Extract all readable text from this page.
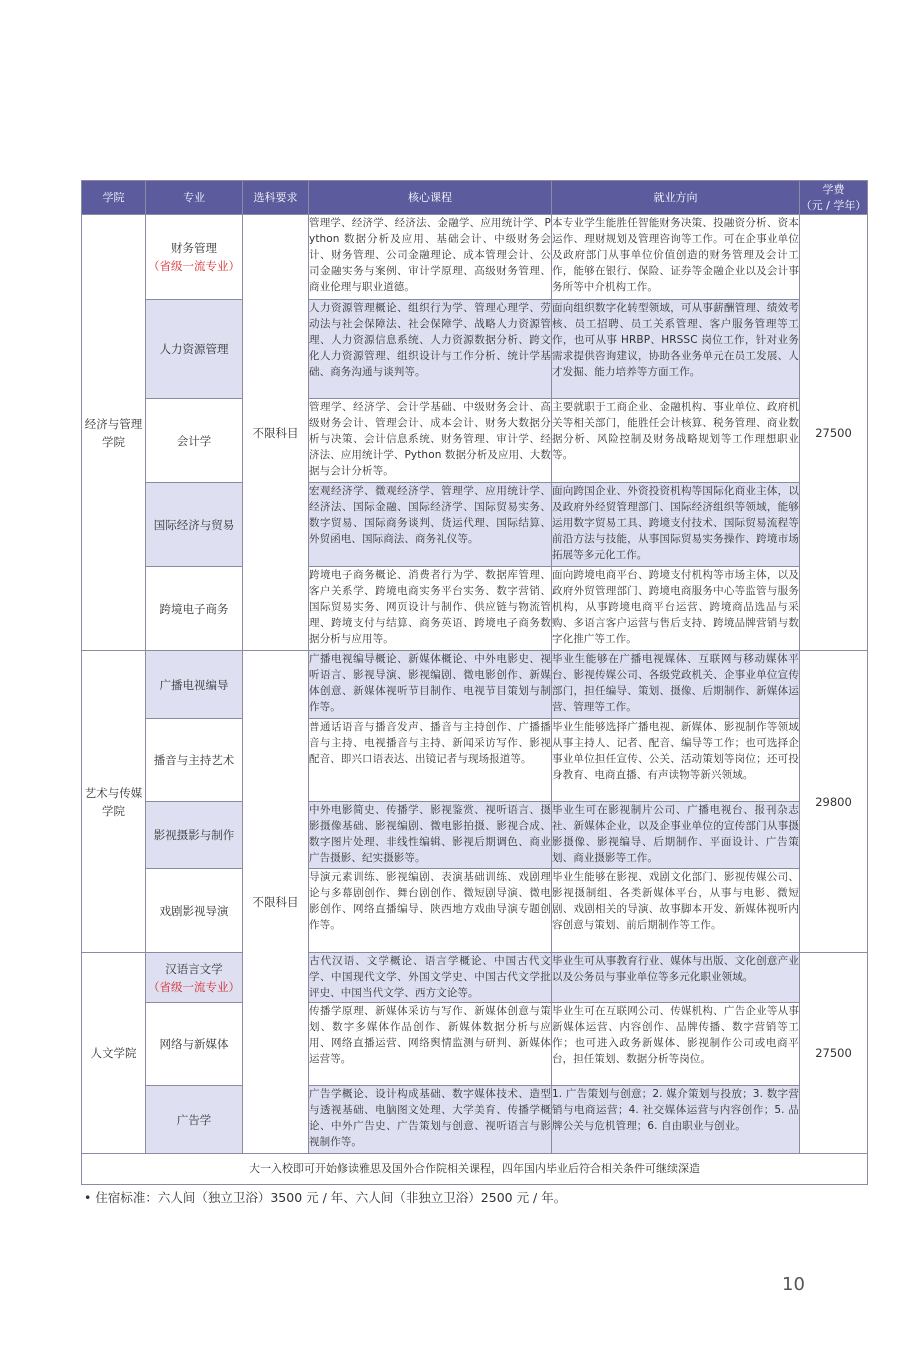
学院	专业	选科要求	核心课程	就业方向	学费
（元 / 学年）
经济与管理学院	财务管理
（省级一流专业）	不限科目	管理学、经济学、经济法、金融学、应用统计学、Python 数据分析及应用、基础会计、中级财务会计、财务管理、公司金融理论、成本管理会计、公司金融实务与案例、审计学原理、高级财务管理、商业伦理与职业道德。	本专业学生能胜任智能财务决策、投融资分析、资本运作、理财规划及管理咨询等工作。可在企事业单位及政府部门从事单位价值创造的财务管理及会计工作，能够在银行、保险、证券等金融企业以及会计事务所等中介机构工作。	27500
	人力资源管理		人力资源管理概论、组织行为学、管理心理学、劳动法与社会保障法、社会保障学、战略人力资源管理、人力资源信息系统、人力资源数据分析、跨文化人力资源管理、组织设计与工作分析、统计学基础、商务沟通与谈判等。	面向组织数字化转型领域，可从事薪酬管理、绩效考核、员工招聘、员工关系管理、客户服务管理等工作，也可从事 HRBP、HRSSC 岗位工作，针对业务需求提供咨询建议，协助各业务单元在员工发展、人才发掘、能力培养等方面工作。	
	会计学		管理学、经济学、会计学基础、中级财务会计、高级财务会计、管理会计、成本会计、财务大数据分析与决策、会计信息系统、财务管理、审计学、经济法、应用统计学、Python 数据分析及应用、大数据与会计分析等。	主要就职于工商企业、金融机构、事业单位、政府机关等相关部门，能胜任会计核算、税务管理、商业数据分析、风险控制及财务战略规划等工作理想职业等。	
	国际经济与贸易		宏观经济学、微观经济学、管理学、应用统计学、经济法、国际金融、国际经济学、国际贸易实务、数字贸易、国际商务谈判、货运代理、国际结算、外贸函电、国际商法、商务礼仪等。	面向跨国企业、外资投资机构等国际化商业主体，以及政府外经贸管理部门、国际经济组织等领域，能够运用数字贸易工具、跨境支付技术、国际贸易流程等前沿方法与技能，从事国际贸易实务操作、跨境市场拓展等多元化工作。	
	跨境电子商务		跨境电子商务概论、消费者行为学、数据库管理、客户关系学、跨境电商实务平台实务、数字营销、国际贸易实务、网页设计与制作、供应链与物流管理、跨境支付与结算、商务英语、跨境电子商务数据分析与应用等。	面向跨境电商平台、跨境支付机构等市场主体，以及政府外贸管理部门、跨境电商服务中心等监管与服务机构，从事跨境电商平台运营、跨境商品选品与采购、多语言客户运营与售后支持、跨境品牌营销与数字化推广等工作。	
艺术与传媒学院	广播电视编导	不限科目	广播电视编导概论、新媒体概论、中外电影史、视听语言、影视导演、影视编剧、微电影创作、新媒体创意、新媒体视听节目制作、电视节目策划与制作等。	毕业生能够在广播电视媒体、互联网与移动媒体平台、影视传媒公司、各级党政机关、企事业单位宣传部门，担任编导、策划、摄像、后期制作、新媒体运营、管理等工作。	29800
	播音与主持艺术		普通话语音与播音发声、播音与主持创作、广播播音与主持、电视播音与主持、新闻采访写作、影视配音、即兴口语表达、出镜记者与现场报道等。	毕业生能够选择广播电视、新媒体、影视制作等领域从事主持人、记者、配音、编导等工作；也可选择企事业单位担任宣传、公关、活动策划等岗位；还可投身教育、电商直播、有声读物等新兴领域。	
	影视摄影与制作		中外电影简史、传播学、影视鉴赏、视听语言、摄影摄像基础、影视编剧、微电影拍摄、影视合成、数字图片处理、非线性编辑、影视后期调色、商业广告摄影、纪实摄影等。	毕业生可在影视制片公司、广播电视台、报刊杂志社、新媒体企业，以及企事业单位的宣传部门从事摄影摄像、影视编导、后期制作、平面设计、广告策划、商业摄影等工作。	
	戏剧影视导演		导演元素训练、影视编剧、表演基础训练、戏剧理论与多幕剧创作、舞台剧创作、微短剧导演、微电影创作、网络直播编导、陕西地方戏曲导演专题创作等。	毕业生能够在影视、戏剧文化部门、影视传媒公司、影视摄制组、各类新媒体平台，从事与电影、微短剧、戏剧相关的导演、故事脚本开发、新媒体视听内容创意与策划、前后期制作等工作。	
人文学院	汉语言文学
（省级一流专业）		古代汉语、文学概论、语言学概论、中国古代文学、中国现代文学、外国文学史、中国古代文学批评史、中国当代文学、西方文论等。	毕业生可从事教育行业、媒体与出版、文化创意产业以及公务员与事业单位等多元化职业领域。	27500
	网络与新媒体		传播学原理、新媒体采访与写作、新媒体创意与策划、数字多媒体作品创作、新媒体数据分析与应用、网络直播运营、网络舆情监测与研判、新媒体运营等。	毕业生可在互联网公司、传媒机构、广告企业等从事新媒体运营、内容创作、品牌传播、数字营销等工作；也可进入政务新媒体、影视制作公司或电商平台，担任策划、数据分析等岗位。	
	广告学		广告学概论、设计构成基础、数字媒体技术、造型与透视基础、电脑图文处理、大学美育、传播学概论、中外广告史、广告策划与创意、视听语言与影视制作等。	1. 广告策划与创意；2. 媒介策划与投放；3. 数字营销与电商运营；4. 社交媒体运营与内容创作；5. 品牌公关与危机管理；6. 自由职业与创业。	
大一入校即可开始修读雅思及国外合作院相关课程，四年国内毕业后符合相关条件可继续深造					
• 住宿标准：六人间（独立卫浴）3500 元 / 年、六人间（非独立卫浴）2500 元 / 年。
10
